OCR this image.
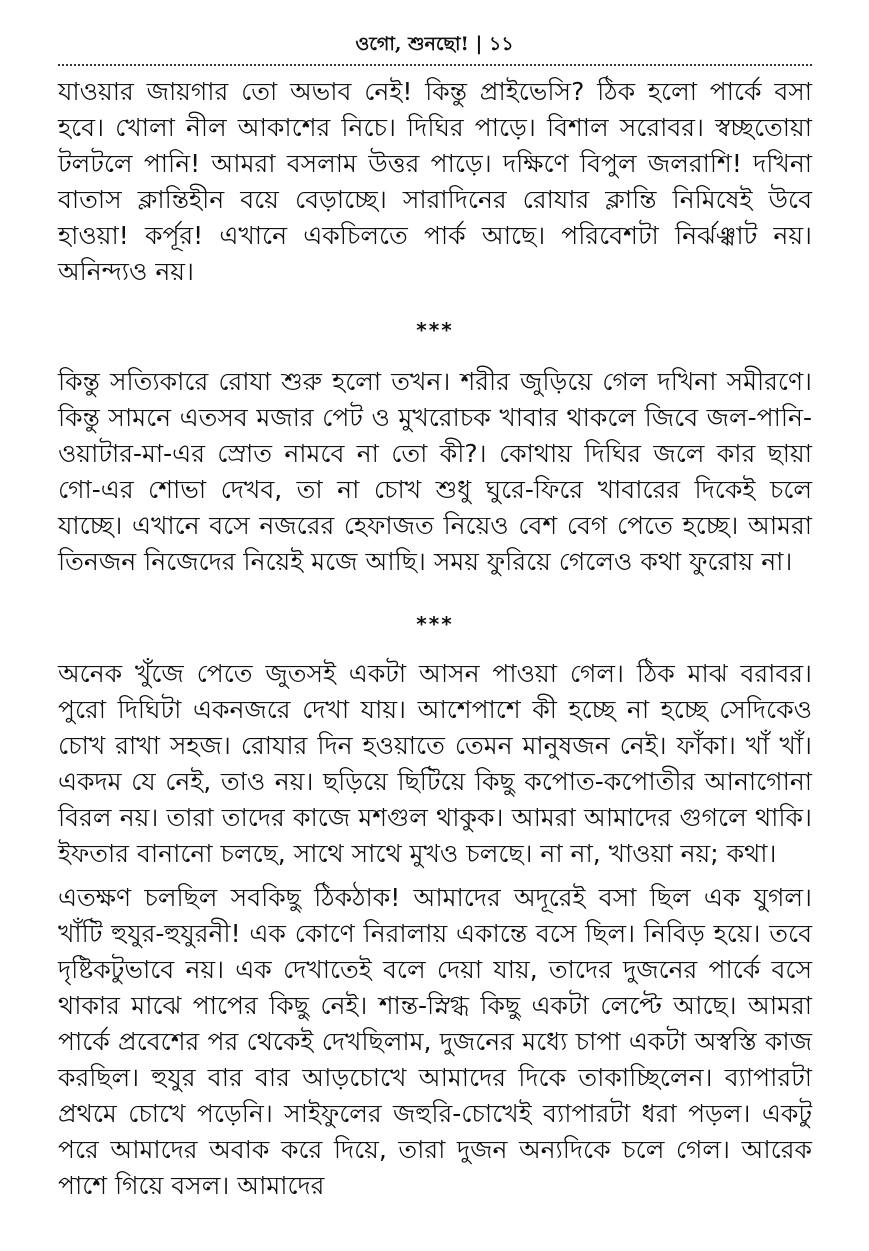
ওগো, শুনছো! | ১১

যাওয়ার জায়গার তো অভাব নেই! কিন্তু প্রাইভেসি? ঠিক হলো পার্কে বসা হবে। খোলা নীল আকাশের নিচে। দিঘির পাড়ে। বিশাল সরোবর। স্বচ্ছতোয়া টলটলে পানি! আমরা বসলাম উত্তর পাড়ে। দক্ষিণে বিপুল জলরাশি! দখিনা বাতাস ক্লান্তিহীন বয়ে বেড়াচ্ছে। সারাদিনের রোযার ক্লান্তি নিমিষেই উবে হাওয়া! কর্পূর! এখানে একচিলতে পার্ক আছে। পরিবেশটা নির্ঝঞ্ঝাট নয়। অনিন্দ্যও নয়।

***

কিন্তু সত্যিকারে রোযা শুরু হলো তখন। শরীর জুড়িয়ে গেল দখিনা সমীরণে। কিন্তু সামনে এতসব মজার পেট ও মুখরোচক খাবার থাকলে জিবে জল-পানি-ওয়াটার-মা-এর স্রোত নামবে না তো কী?। কোথায় দিঘির জলে কার ছায়া গো-এর শোভা দেখব, তা না চোখ শুধু ঘুরে-ফিরে খাবারের দিকেই চলে যাচ্ছে। এখানে বসে নজরের হেফাজত নিয়েও বেশ বেগ পেতে হচ্ছে। আমরা তিনজন নিজেদের নিয়েই মজে আছি। সময় ফুরিয়ে গেলেও কথা ফুরোয় না।

***

অনেক খুঁজে পেতে জুতসই একটা আসন পাওয়া গেল। ঠিক মাঝ বরাবর। পুরো দিঘিটা একনজরে দেখা যায়। আশেপাশে কী হচ্ছে না হচ্ছে সেদিকেও চোখ রাখা সহজ। রোযার দিন হওয়াতে তেমন মানুষজন নেই। ফাঁকা। খাঁ খাঁ। একদম যে নেই, তাও নয়। ছড়িয়ে ছিটিয়ে কিছু কপোত-কপোতীর আনাগোনা বিরল নয়। তারা তাদের কাজে মশগুল থাকুক। আমরা আমাদের গুগলে থাকি। ইফতার বানানো চলছে, সাথে সাথে মুখও চলছে। না না, খাওয়া নয়; কথা।

এতক্ষণ চলছিল সবকিছু ঠিকঠাক! আমাদের অদূরেই বসা ছিল এক যুগল। খাঁটি হুযুর-হুযুরনী! এক কোণে নিরালায় একান্তে বসে ছিল। নিবিড় হয়ে। তবে দৃষ্টিকটুভাবে নয়। এক দেখাতেই বলে দেয়া যায়, তাদের দুজনের পার্কে বসে থাকার মাঝে পাপের কিছু নেই। শান্ত-স্নিগ্ধ কিছু একটা লেপ্টে আছে। আমরা পার্কে প্রবেশের পর থেকেই দেখছিলাম, দুজনের মধ্যে চাপা একটা অস্বস্তি কাজ করছিল। হুযুর বার বার আড়চোখে আমাদের দিকে তাকাচ্ছিলেন। ব্যাপারটা প্রথমে চোখে পড়েনি। সাইফুলের জহুরি-চোখেই ব্যাপারটা ধরা পড়ল। একটু পরে আমাদের অবাক করে দিয়ে, তারা দুজন অন্যদিকে চলে গেল। আরেক পাশে গিয়ে বসল। আমাদের
